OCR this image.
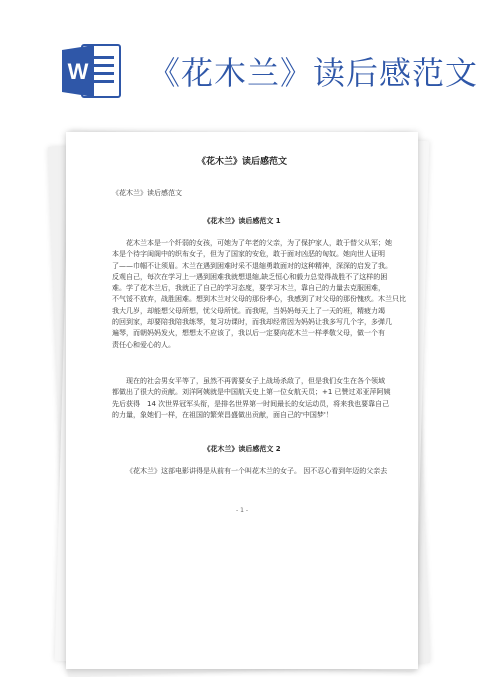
W 《花木兰》读后感范文
《花木兰》读后感范文
《花木兰》读后感范文
《花木兰》读后感范文 1
花木兰本是一个纤弱的女孩，可她为了年老的父亲，为了保护家人，敢于替父从军；她
本是个待字闺阁中的织布女子，但为了国家的安危，敢于面对凶恶的匈奴。她向世人证明
了——巾帼不让须眉。木兰在遇到困难时采不退缩勇敢面对的这种精神，深深的启发了我。
反观自己，每次在学习上一遇到困难我就想退缩,缺乏恒心和毅力总觉得战胜不了这样的困
难。学了花木兰后，我就正了自己的学习态度，要学习木兰，靠自己的力量去克服困难，
不气馁不放弃，战胜困难。想到木兰对父母的那份孝心，我感到了对父母的那份愧疚。木兰只比
我大几岁，却能想父母所想，忧父母所忧。而我呢，当妈妈每天上了一天的班，精疲力竭
的回到家，却要陪我陪我练琴，复习功课时，而我却经常因为妈妈让我多写几个字，多弹几
遍琴，而朝妈妈发火，想想太不应该了，我以后一定要向花木兰一样孝敬父母，做一个有
责任心和爱心的人。
现在的社会男女平等了，虽然不再需要女子上战场杀敌了，但是我们女生在各个领域
都做出了很大的贡献。刘洋阿姨就是中国航天史上第一位女航天员；+1 已赞过邓亚萍阿姨
先后获得　14 次世界冠军头衔，是排名世界第一时间最长的女运动员，将来我也要靠自己
的力量，象她们一样，在祖国的繁荣昌盛做出贡献，面自己的'中国梦'！
《花木兰》读后感范文 2
《花木兰》这部电影讲得是从前有一个叫花木兰的女子。 因不忍心看到年迈的父亲去
- 1 -
